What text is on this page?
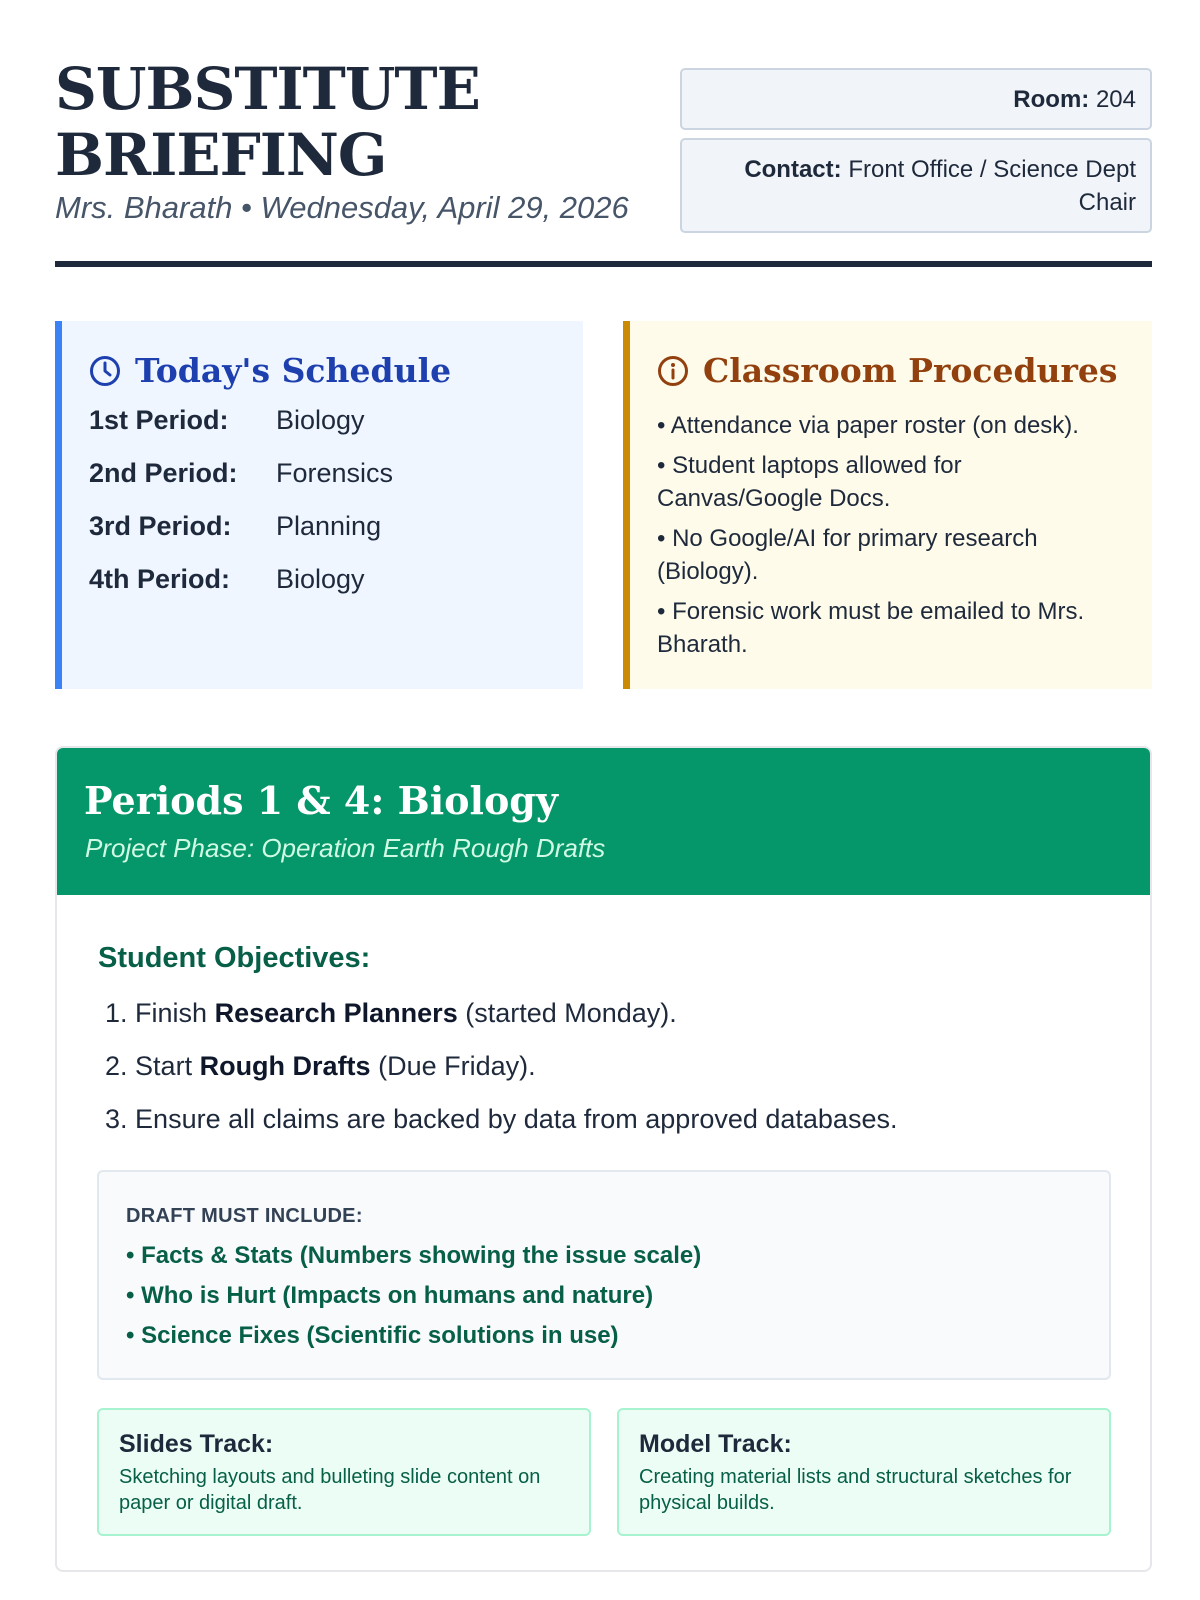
SUBSTITUTE
BRIEFING
Mrs. Bharath • Wednesday, April 29, 2026
Room: 204
Contact: Front Office / Science Dept Chair
Today's Schedule
1st Period: Biology
2nd Period: Forensics
3rd Period: Planning
4th Period: Biology
Classroom Procedures
• Attendance via paper roster (on desk).
• Student laptops allowed for Canvas/Google Docs.
• No Google/AI for primary research (Biology).
• Forensic work must be emailed to Mrs. Bharath.
Periods 1 & 4: Biology
Project Phase: Operation Earth Rough Drafts
Student Objectives:
1. Finish Research Planners (started Monday).
2. Start Rough Drafts (Due Friday).
3. Ensure all claims are backed by data from approved databases.
DRAFT MUST INCLUDE:
• Facts & Stats (Numbers showing the issue scale)
• Who is Hurt (Impacts on humans and nature)
• Science Fixes (Scientific solutions in use)
Slides Track:
Sketching layouts and bulleting slide content on paper or digital draft.
Model Track:
Creating material lists and structural sketches for physical builds.
